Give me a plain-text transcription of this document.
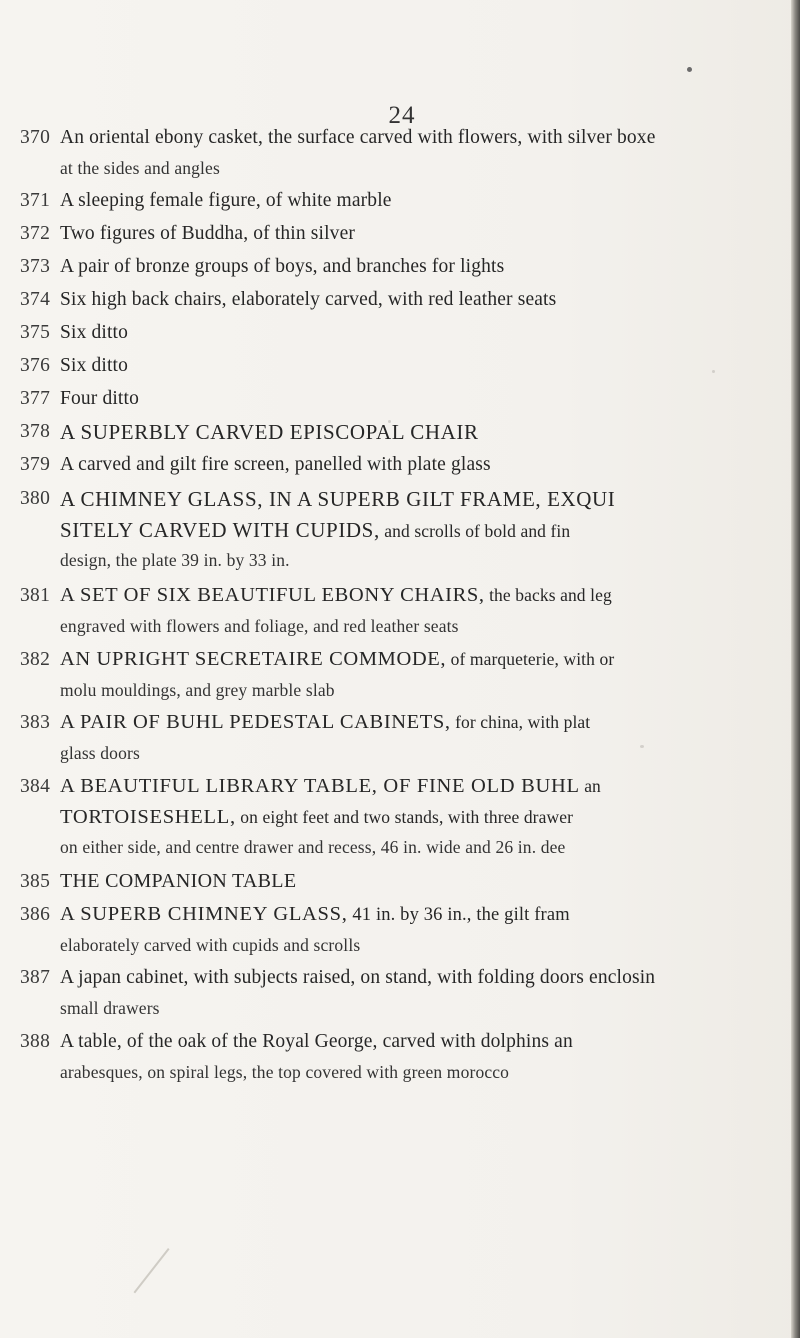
24
370 An oriental ebony casket, the surface carved with flowers, with silver boxe
at the sides and angles
371 A sleeping female figure, of white marble
372 Two figures of Buddha, of thin silver
373 A pair of bronze groups of boys, and branches for lights
374 Six high back chairs, elaborately carved, with red leather seats
375 Six ditto
376 Six ditto
377 Four ditto
378 A SUPERBLY CARVED EPISCOPAL CHAIR
379 A carved and gilt fire screen, panelled with plate glass
380 A CHIMNEY GLASS, IN A SUPERB GILT FRAME, EXQUI
SITELY CARVED WITH CUPIDS, and scrolls of bold and fin
design, the plate 39 in. by 33 in.
381 A SET OF SIX BEAUTIFUL EBONY CHAIRS, the backs and leg
engraved with flowers and foliage, and red leather seats
382 AN UPRIGHT SECRETAIRE COMMODE, of marqueterie, with or
molu mouldings, and grey marble slab
383 A PAIR OF BUHL PEDESTAL CABINETS, for china, with plat
glass doors
384 A BEAUTIFUL LIBRARY TABLE, OF FINE OLD BUHL an
TORTOISESHELL, on eight feet and two stands, with three drawer
on either side, and centre drawer and recess, 46 in. wide and 26 in. dee
385 THE COMPANION TABLE
386 A SUPERB CHIMNEY GLASS, 41 in. by 36 in., the gilt fram
elaborately carved with cupids and scrolls
387 A japan cabinet, with subjects raised, on stand, with folding doors enclosin
small drawers
388 A table, of the oak of the Royal George, carved with dolphins an
arabesques, on spiral legs, the top covered with green morocco
